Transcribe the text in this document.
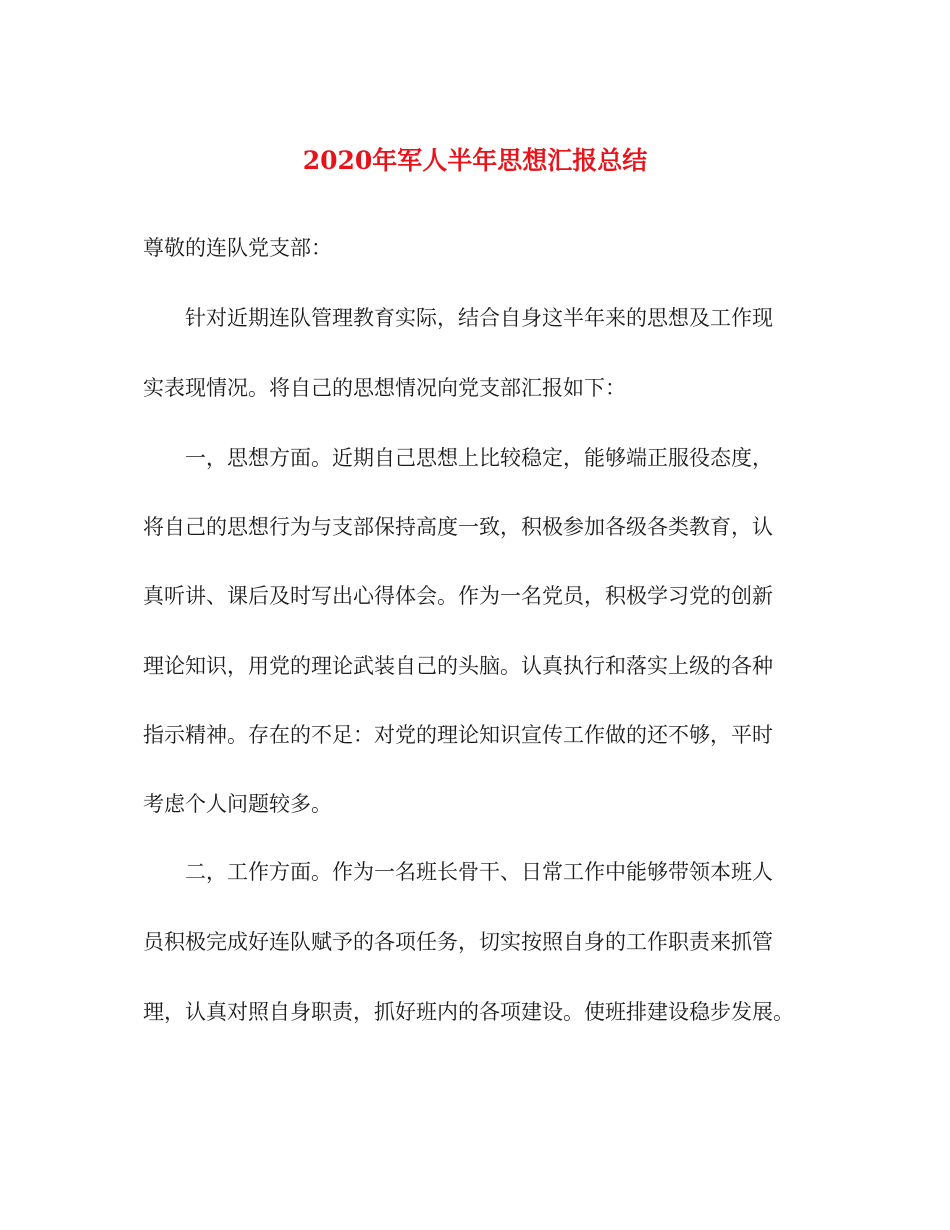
2020年军人半年思想汇报总结
尊敬的连队党支部：
针对近期连队管理教育实际，结合自身这半年来的思想及工作现
实表现情况。将自己的思想情况向党支部汇报如下：
一，思想方面。近期自己思想上比较稳定，能够端正服役态度，
将自己的思想行为与支部保持高度一致，积极参加各级各类教育，认
真听讲、课后及时写出心得体会。作为一名党员，积极学习党的创新
理论知识，用党的理论武装自己的头脑。认真执行和落实上级的各种
指示精神。存在的不足：对党的理论知识宣传工作做的还不够，平时
考虑个人问题较多。
二，工作方面。作为一名班长骨干、日常工作中能够带领本班人
员积极完成好连队赋予的各项任务，切实按照自身的工作职责来抓管
理，认真对照自身职责，抓好班内的各项建设。使班排建设稳步发展。
